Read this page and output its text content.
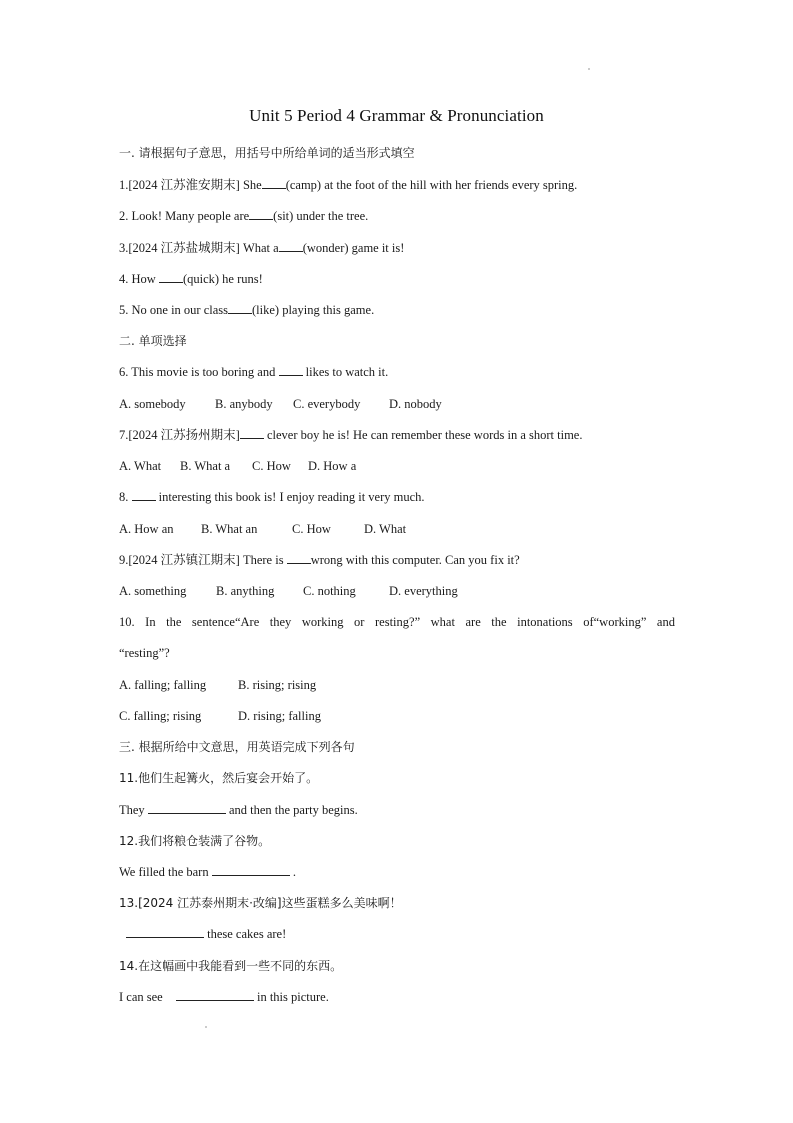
Unit 5 Period 4 Grammar & Pronunciation
一. 请根据句子意思，用括号中所给单词的适当形式填空
1.[2024 江苏淮安期末] She (camp) at the foot of the hill with her friends every spring.
2. Look! Many people are (sit) under the tree.
3.[2024 江苏盐城期末] What a (wonder) game it is!
4. How (quick) he runs!
5. No one in our class (like) playing this game.
二. 单项选择
6. This movie is too boring and  likes to watch it.
A. somebody B. anybody C. everybody D. nobody
7.[2024 江苏扬州期末] clever boy he is! He can remember these words in a short time.
A. What B. What a C. How D. How a
8.  interesting this book is! I enjoy reading it very much.
A. How an B. What an	C. How	D. What
9.[2024 江苏镇江期末] There is wrong with this computer. Can you fix it?
A. something B. anything C. nothing	D. everything
10. In the sentence“Are they working or resting?” what are the intonations of“working” and
“resting”?
A. falling; falling	B. rising; rising
C. falling; rising	D. rising; falling
三. 根据所给中文意思，用英语完成下列各句
11.他们生起篝火，然后宴会开始了。
They	and then the party begins.
12.我们将粮仓装满了谷物。
We filled the barn	.
13.[2024 江苏泰州期末·改编]这些蛋糕多么美味啊！
these cakes are!
14.在这幅画中我能看到一些不同的东西。
I can see	in this picture.
